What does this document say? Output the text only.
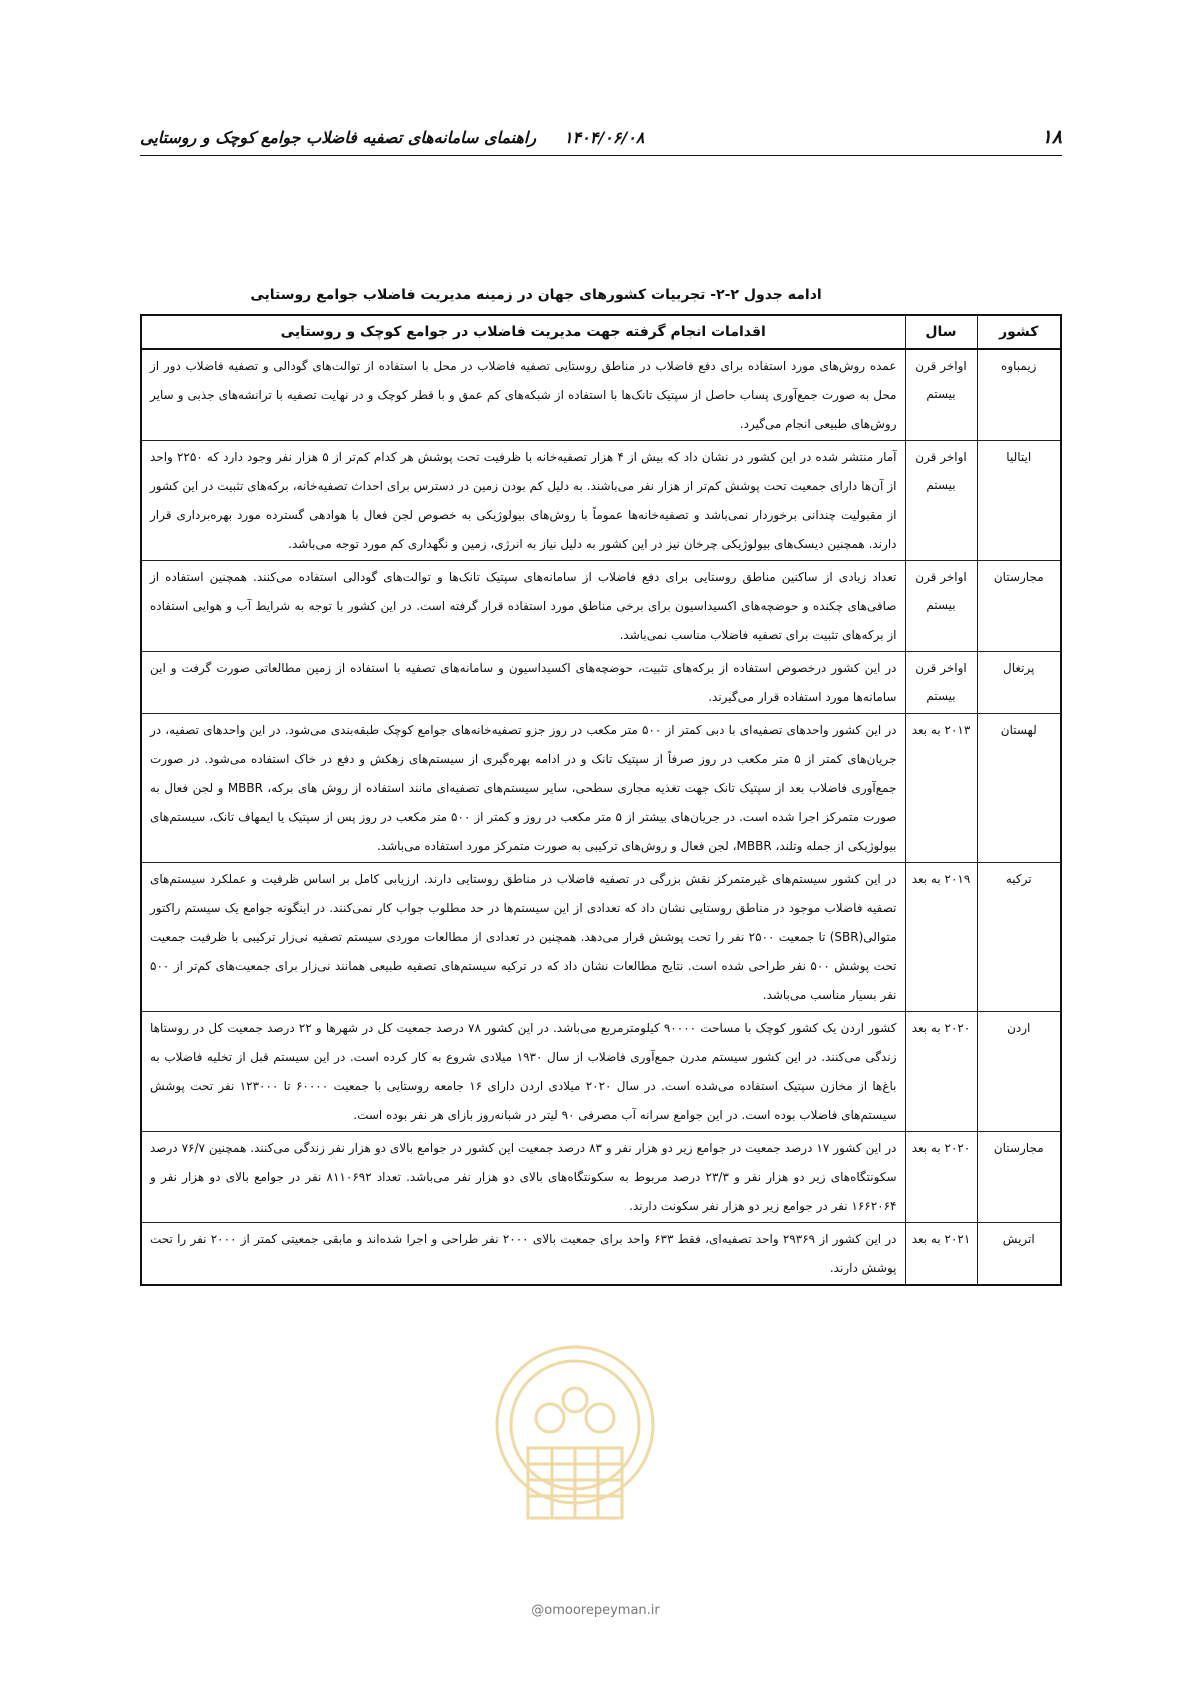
۱۸
۱۴۰۴/۰۶/۰۸     راهنمای سامانه‌های تصفیه فاضلاب جوامع کوچک و روستایی
ادامه جدول ۲-۲- تجربیات کشورهای جهان در زمینه مدیریت فاضلاب جوامع روستایی
کشور	سال	اقدامات انجام گرفته جهت مدیریت فاضلاب در جوامع کوچک و روستایی
زیمباوه	اواخر قرن بیستم	عمده روش‌های مورد استفاده برای دفع فاضلاب در مناطق روستایی تصفیه فاضلاب در محل با استفاده از توالت‌های گودالی و تصفیه فاضلاب دور از محل به صورت جمع‌آوری پساب حاصل از سپتیک تانک‌ها با استفاده از شبکه‌های کم عمق و با قطر کوچک و در نهایت تصفیه با ترانشه‌های جذبی و سایر روش‌های طبیعی انجام می‌گیرد.
ایتالیا	اواخر قرن بیستم	آمار منتشر شده در این کشور در نشان داد که بیش از ۴ هزار تصفیه‌خانه با ظرفیت تحت پوشش هر کدام کم‌تر از ۵ هزار نفر وجود دارد که ۲۲۵۰ واحد از آن‌ها دارای جمعیت تحت پوشش کم‌تر از هزار نفر می‌باشند. به دلیل کم بودن زمین در دسترس برای احداث تصفیه‌خانه، برکه‌های تثبیت در این کشور از مقبولیت چندانی برخوردار نمی‌باشد و تصفیه‌خانه‌ها عموماً با روش‌های بیولوژیکی به خصوص لجن فعال با هوادهی گسترده مورد بهره‌برداری قرار دارند. همچنین دیسک‌های بیولوژیکی چرخان نیز در این کشور به دلیل نیاز به انرژی، زمین و نگهداری کم مورد توجه می‌باشد.
مجارستان	اواخر قرن بیستم	تعداد زیادی از ساکنین مناطق روستایی برای دفع فاضلاب از سامانه‌های سپتیک تانک‌ها و توالت‌های گودالی استفاده می‌کنند. همچنین استفاده از صافی‌های چکنده و حوضچه‌های اکسیداسیون برای برخی مناطق مورد استفاده قرار گرفته است. در این کشور با توجه به شرایط آب و هوایی استفاده از برکه‌های تثبیت برای تصفیه فاضلاب مناسب نمی‌باشد.
پرتغال	اواخر قرن بیستم	در این کشور درخصوص استفاده از برکه‌های تثبیت، حوضچه‌های اکسیداسیون و سامانه‌های تصفیه با استفاده از زمین مطالعاتی صورت گرفت و این سامانه‌ها مورد استفاده قرار می‌گیرند.
لهستان	۲۰۱۳ به بعد	در این کشور واحدهای تصفیه‌ای با دبی کمتر از ۵۰۰ متر مکعب در روز جزو تصفیه‌خانه‌های جوامع کوچک طبقه‌بندی می‌شود. در این واحدهای تصفیه، در جریان‌های کمتر از ۵ متر مکعب در روز صرفاً از سپتیک تانک و در ادامه بهره‌گیری از سیستم‌های زهکش و دفع در خاک استفاده می‌شود. در صورت جمع‌آوری فاضلاب بعد از سپتیک تانک جهت تغذیه مجاری سطحی، سایر سیستم‌های تصفیه‌ای مانند استفاده از روش های برکه، MBBR و لجن فعال به صورت متمرکز اجرا شده است. در جریان‌های بیشتر از ۵ متر مکعب در روز و کمتر از ۵۰۰ متر مکعب در روز پس از سپتیک یا ایمهاف تانک، سیستم‌های بیولوژیکی از جمله وتلند، MBBR، لجن فعال و روش‌های ترکیبی به صورت متمرکز مورد استفاده می‌باشد.
ترکیه	۲۰۱۹ به بعد	در این کشور سیستم‌های غیرمتمرکز نقش بزرگی در تصفیه فاضلاب در مناطق روستایی دارند. ارزیابی کامل بر اساس ظرفیت و عملکرد سیستم‌های تصفیه فاضلاب موجود در مناطق روستایی نشان داد که تعدادی از این سیستم‌ها در حد مطلوب جواب کار نمی‌کنند. در اینگونه جوامع یک سیستم راکتور متوالی(SBR) تا جمعیت ۲۵۰۰ نفر را تحت پوشش قرار می‌دهد. همچنین در تعدادی از مطالعات موردی سیستم تصفیه نی‌زار ترکیبی با ظرفیت جمعیت تحت پوشش ۵۰۰ نفر طراحی شده است. نتایج مطالعات نشان داد که در ترکیه سیستم‌های تصفیه طبیعی همانند نی‌زار برای جمعیت‌های کم‌تر از ۵۰۰ نفر بسیار مناسب می‌باشد.
اردن	۲۰۲۰ به بعد	کشور اردن یک کشور کوچک با مساحت ۹۰۰۰۰ کیلومترمربع می‌باشد. در این کشور ۷۸ درصد جمعیت کل در شهرها و ۲۲ درصد جمعیت کل در روستاها زندگی می‌کنند. در این کشور سیستم مدرن جمع‌آوری فاضلاب از سال ۱۹۳۰ میلادی شروع به کار کرده است. در این سیستم قبل از تخلیه فاضلاب به باغ‌ها از مخازن سپتیک استفاده می‌شده است. در سال ۲۰۲۰ میلادی اردن دارای ۱۶ جامعه روستایی با جمعیت ۶۰۰۰۰ تا ۱۲۳۰۰۰ نفر تحت پوشش سیستم‌های فاضلاب بوده است. در این جوامع سرانه آب مصرفی ۹۰ لیتر در شبانه‌روز بازای هر نفر بوده است.
مجارستان	۲۰۲۰ به بعد	در این کشور ۱۷ درصد جمعیت در جوامع زیر دو هزار نفر و ۸۳ درصد جمعیت این کشور در جوامع بالای دو هزار نفر زندگی می‌کنند. همچنین ۷۶/۷ درصد سکونتگاه‌های زیر دو هزار نفر و ۲۳/۳ درصد مربوط به سکونتگاه‌های بالای دو هزار نفر می‌باشد. تعداد ۸۱۱۰۶۹۲ نفر در جوامع بالای دو هزار نفر و ۱۶۶۲۰۶۴ نفر در جوامع زیر دو هزار نفر سکونت دارند.
اتریش	۲۰۲۱ به بعد	در این کشور از ۲۹۳۶۹ واحد تصفیه‌ای، فقط ۶۳۳ واحد برای جمعیت بالای ۲۰۰۰ نفر طراحی و اجرا شده‌اند و مابقی جمعیتی کمتر از ۲۰۰۰ نفر را تحت پوشش دارند.
@omoorepeyman.ir
